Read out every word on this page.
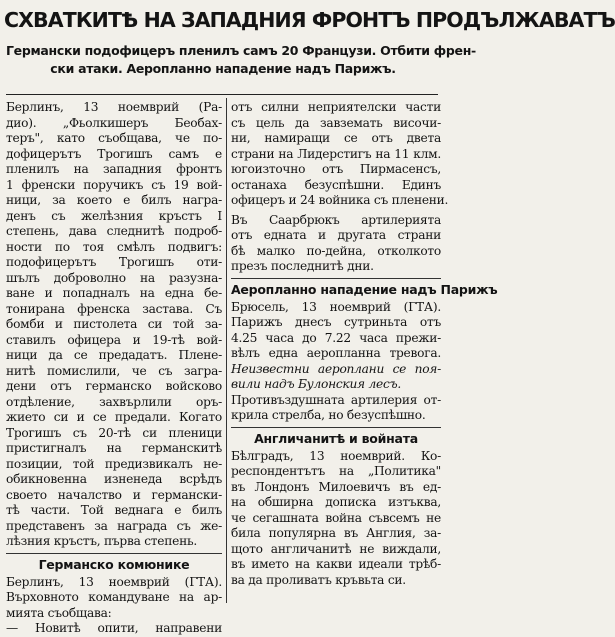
СХВАТКИТѢ НА ЗАПАДНИЯ ФРОНТЪ ПРОДЪЛЖАВАТЪ
Германски подофицеръ пленилъ самъ 20 Французи. Отбити френ-
ски атаки. Аеропланно нападение надъ Парижъ.

Берлинъ, 13 ноемврий (Ра-
дио). „Фьолкишеръ Беобах-
теръ", като съобщава, че по-
дофицерътъ Трогишъ самъ е
пленилъ на западния фронтъ
1 френски поручикъ съ 19 вой-
ници, за което е билъ награ-
денъ съ желѣзния кръстъ I
степень, дава следнитѣ подроб-
ности по тоя смѣлъ подвигъ:
подофицерътъ Трогишъ оти-
шълъ доброволно на разузна-
ване и попадналъ на една бе-
тонирана френска застава. Съ
бомби и пистолета си той за-
ставилъ офицера и 19-тѣ вой-
ници да се предадатъ. Плене-
нитѣ помислили, че съ загра-
дени отъ германско войсково
отдѣление, захвърлили оръ-
жието си и се предали. Когато
Трогишъ съ 20-тѣ си пленици
пристигналъ на германскитѣ
позиции, той предизвикалъ не-
обикновенна изненеда всрѣдъ
своето началство и германски-
тѣ части. Той веднага е билъ
представенъ за награда съ же-
лѣзния кръстъ, първа степень.

Германско комюнике

Берлинъ, 13 ноемврий (ГТА).
Върховното командуване на ар-
мията съобщава:
— Новитѣ опити, направени

отъ силни неприятелски части
съ цель да завземать височи-
ни, намиращи се отъ двета
страни на Лидерстигъ на 11 клм.
югоизточно отъ Пирмасенсъ,
останаха безуспѣшни. Единъ
офицеръ и 24 войника съ пленени.

Въ Саарбрюкъ артилерията
отъ едната и другата страни
бѣ малко по-дейна, отколкото
презъ последнитѣ дни.

Аеропланно нападение надъ Парижъ

Брюсель, 13 ноемврий (ГТА).
Парижъ днесъ сутриньта отъ
4.25 часа до 7.22 часа прежи-
вѣлъ една аеропланна тревога.
Неизвестни аероплани се поя-
вили надъ Булонския лесъ.
Противъздушната артилерия от-
крила стрелба, но безуспѣшно.

Англичанитѣ и войната

Бѣлградъ, 13 ноемврий. Ко-
респондентътъ на „Политика"
въ Лондонъ Милоевичъ въ ед-
на обширна дописка изтъква,
че сегашната война съвсемъ не
била популярна въ Англия, за-
щото англичанитѣ не виждали,
въ името на какви идеали трѣб-
ва да проливатъ кръвьта си.
